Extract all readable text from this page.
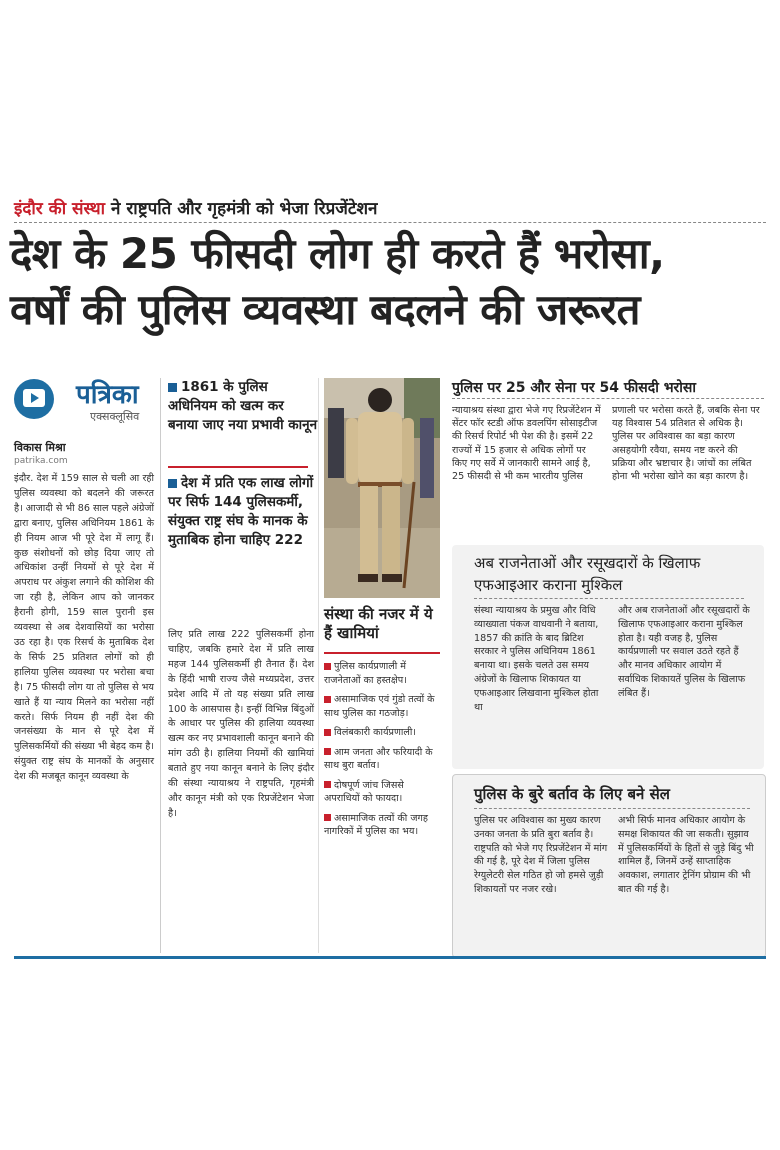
इंदौर की संस्था ने राष्ट्रपति और गृहमंत्री को भेजा रिप्रजेंटेशन
देश के 25 फीसदी लोग ही करते हैं भरोसा,
वर्षों की पुलिस व्यवस्था बदलने की जरूरत
पत्रिका
एक्सक्लूसिव
विकास मिश्रा
patrika.com
इंदौर. देश में 159 साल से चली आ रही पुलिस व्यवस्था को बदलने की जरूरत है। आजादी से भी 86 साल पहले अंग्रेजों द्वारा बनाए, पुलिस अधिनियम 1861 के ही नियम आज भी पूरे देश में लागू हैं। कुछ संशोधनों को छोड़ दिया जाए तो अधिकांश उन्हीं नियमों से पूरे देश में अपराध पर अंकुश लगाने की कोशिश की जा रही है, लेकिन आप को जानकर हैरानी होगी, 159 साल पुरानी इस व्यवस्था से अब देशवासियों का भरोसा उठ रहा है। एक रिसर्च के मुताबिक देश के सिर्फ 25 प्रतिशत लोगों को ही हालिया पुलिस व्यवस्था पर भरोसा बचा है। 75 फीसदी लोग या तो पुलिस से भय खाते हैं या न्याय मिलने का भरोसा नहीं करते। सिर्फ नियम ही नहीं देश की जनसंख्या के मान से पूरे देश में पुलिसकर्मियों की संख्या भी बेहद कम है। संयुक्त राष्ट्र संघ के मानकों के अनुसार देश की मजबूत कानून व्यवस्था के
1861 के पुलिस अधिनियम को खत्म कर बनाया जाए नया प्रभावी कानून
देश में प्रति एक लाख लोगों पर सिर्फ 144 पुलिसकर्मी, संयुक्त राष्ट्र संघ के मानक के मुताबिक होना चाहिए 222
लिए प्रति लाख 222 पुलिसकर्मी होना चाहिए, जबकि हमारे देश में प्रति लाख महज 144 पुलिसकर्मी ही तैनात हैं। देश के हिंदी भाषी राज्य जैसे मध्यप्रदेश, उत्तर प्रदेश आदि में तो यह संख्या प्रति लाख 100 के आसपास है। इन्हीं विभिन्न बिंदुओं के आधार पर पुलिस की हालिया व्यवस्था खत्म कर नए प्रभावशाली कानून बनाने की मांग उठी है। हालिया नियमों की खामियां बताते हुए नया कानून बनाने के लिए इंदौर की संस्था न्यायाश्रय ने राष्ट्रपति, गृहमंत्री और कानून मंत्री को एक रिप्रजेंटेशन भेजा है।
संस्था की नजर में ये हैं खामियां
पुलिस कार्यप्रणाली में राजनेताओं का हस्तक्षेप।
असामाजिक एवं गुंडो तत्वों के साथ पुलिस का गठजोड़।
विलंबकारी कार्यप्रणाली।
आम जनता और फरियादी के साथ बुरा बर्ताव।
दोषपूर्ण जांच जिससे अपराधियों को फायदा।
असामाजिक तत्वों की जगह नागरिकों में पुलिस का भय।
पुलिस पर 25 और सेना पर 54 फीसदी भरोसा
न्यायाश्रय संस्था द्वारा भेजे गए रिप्रजेंटेशन में सेंटर फॉर स्टडी ऑफ डवलपिंग सोसाइटीज की रिसर्च रिपोर्ट भी पेश की है। इसमें 22 राज्यों में 15 हजार से अधिक लोगों पर किए गए सर्वे में जानकारी सामने आई है, 25 फीसदी से भी कम भारतीय पुलिस
प्रणाली पर भरोसा करते हैं, जबकि सेना पर यह विश्वास 54 प्रतिशत से अधिक है। पुलिस पर अविश्वास का बड़ा कारण असहयोगी रवैया, समय नष्ट करने की प्रक्रिया और भ्रष्टाचार है। जांचों का लंबित होना भी भरोसा खोने का बड़ा कारण है।
अब राजनेताओं और रसूखदारों के खिलाफ एफआइआर कराना मुश्किल
संस्था न्यायाश्रय के प्रमुख और विधि व्याख्याता पंकज वाधवानी ने बताया, 1857 की क्रांति के बाद ब्रिटिश सरकार ने पुलिस अधिनियम 1861 बनाया था। इसके चलते उस समय अंग्रेजों के खिलाफ शिकायत या एफआइआर लिखवाना मुश्किल होता था
और अब राजनेताओं और रसूखदारों के खिलाफ एफआइआर कराना मुश्किल होता है। यही वजह है, पुलिस कार्यप्रणाली पर सवाल उठते रहते हैं और मानव अधिकार आयोग में सर्वाधिक शिकायतें पुलिस के खिलाफ लंबित हैं।
पुलिस के बुरे बर्ताव के लिए बने सेल
पुलिस पर अविश्वास का मुख्य कारण उनका जनता के प्रति बुरा बर्ताव है। राष्ट्रपति को भेजे गए रिप्रजेंटेशन में मांग की गई है, पूरे देश में जिला पुलिस रेग्युलेटरी सेल गठित हो जो हमसे जुड़ी शिकायतों पर नजर रखे।
अभी सिर्फ मानव अधिकार आयोग के समक्ष शिकायत की जा सकती। सुझाव में पुलिसकर्मियों के हितों से जुड़े बिंदु भी शामिल हैं, जिनमें उन्हें साप्ताहिक अवकाश, लगातार ट्रेनिंग प्रोग्राम की भी बात की गई है।
